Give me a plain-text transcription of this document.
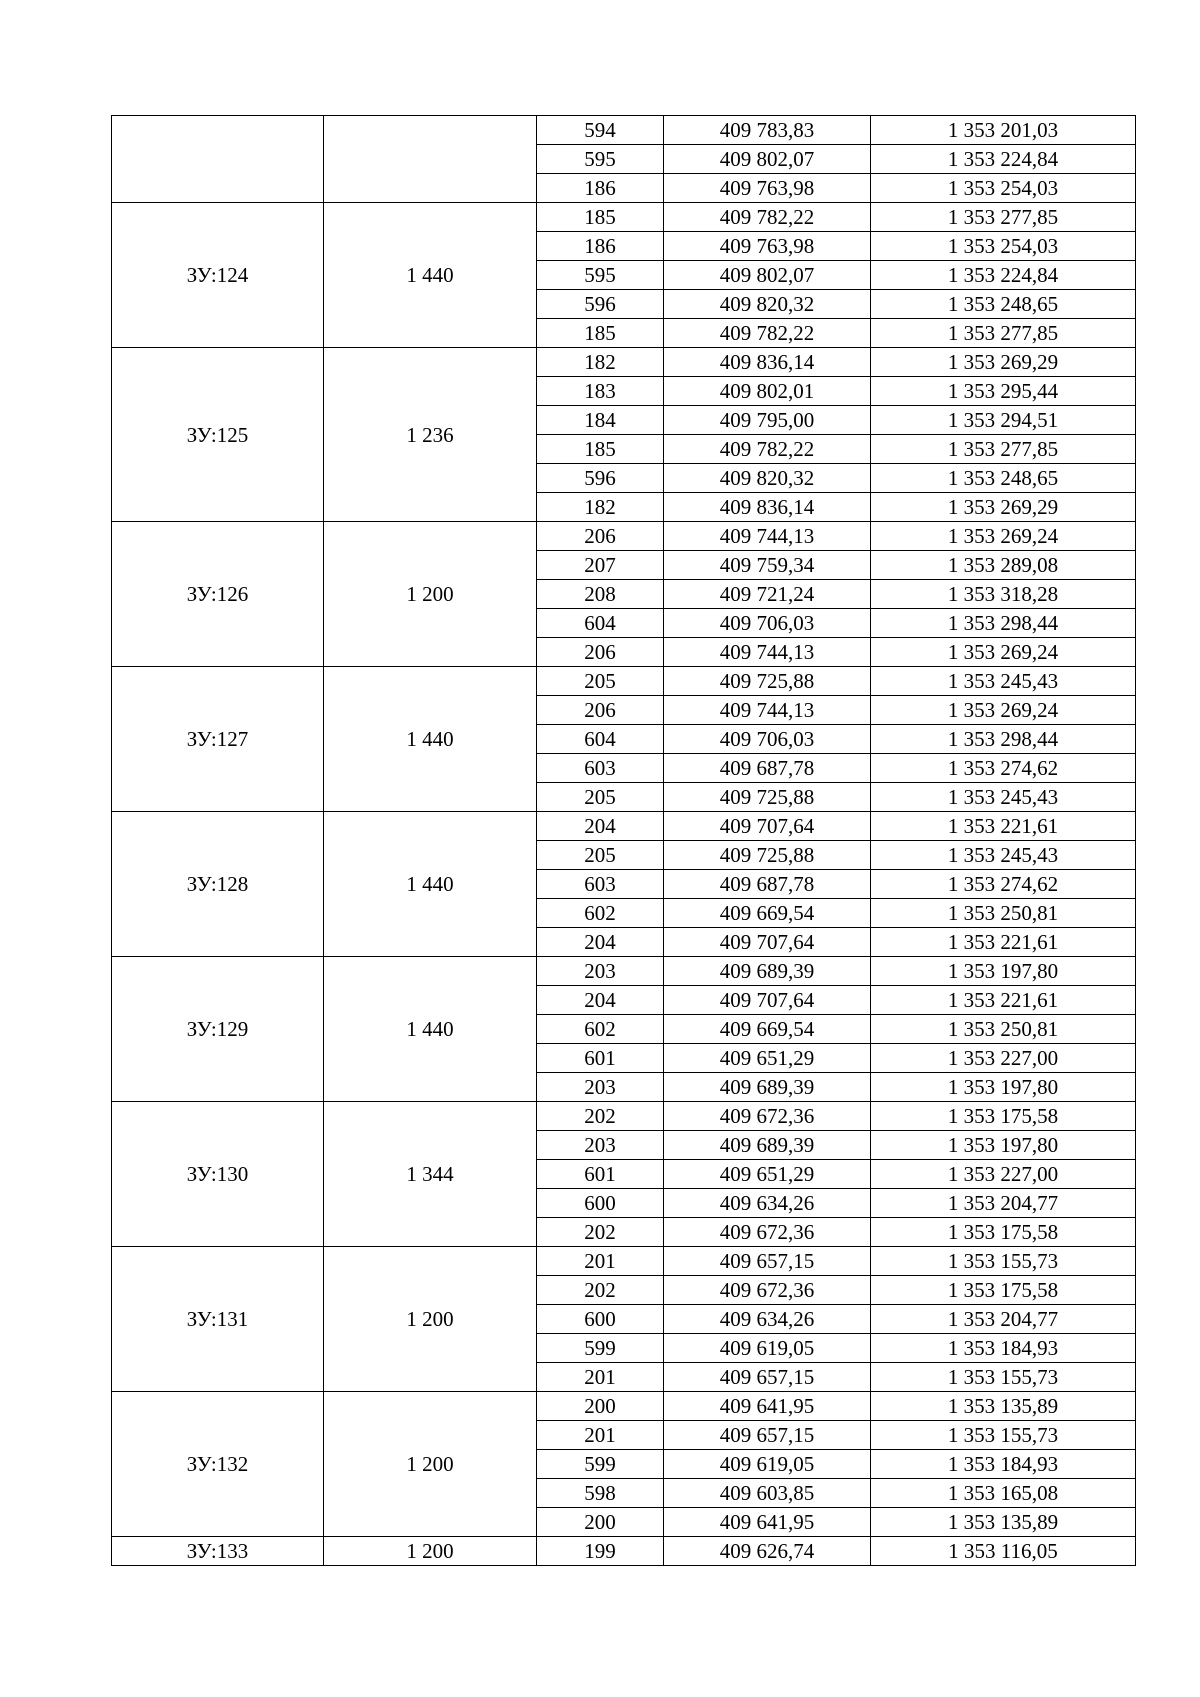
		594	409 783,83	1 353 201,03
		595	409 802,07	1 353 224,84
		186	409 763,98	1 353 254,03
ЗУ:124	1 440	185	409 782,22	1 353 277,85
		186	409 763,98	1 353 254,03
		595	409 802,07	1 353 224,84
		596	409 820,32	1 353 248,65
		185	409 782,22	1 353 277,85
ЗУ:125	1 236	182	409 836,14	1 353 269,29
		183	409 802,01	1 353 295,44
		184	409 795,00	1 353 294,51
		185	409 782,22	1 353 277,85
		596	409 820,32	1 353 248,65
		182	409 836,14	1 353 269,29
ЗУ:126	1 200	206	409 744,13	1 353 269,24
		207	409 759,34	1 353 289,08
		208	409 721,24	1 353 318,28
		604	409 706,03	1 353 298,44
		206	409 744,13	1 353 269,24
ЗУ:127	1 440	205	409 725,88	1 353 245,43
		206	409 744,13	1 353 269,24
		604	409 706,03	1 353 298,44
		603	409 687,78	1 353 274,62
		205	409 725,88	1 353 245,43
ЗУ:128	1 440	204	409 707,64	1 353 221,61
		205	409 725,88	1 353 245,43
		603	409 687,78	1 353 274,62
		602	409 669,54	1 353 250,81
		204	409 707,64	1 353 221,61
ЗУ:129	1 440	203	409 689,39	1 353 197,80
		204	409 707,64	1 353 221,61
		602	409 669,54	1 353 250,81
		601	409 651,29	1 353 227,00
		203	409 689,39	1 353 197,80
ЗУ:130	1 344	202	409 672,36	1 353 175,58
		203	409 689,39	1 353 197,80
		601	409 651,29	1 353 227,00
		600	409 634,26	1 353 204,77
		202	409 672,36	1 353 175,58
ЗУ:131	1 200	201	409 657,15	1 353 155,73
		202	409 672,36	1 353 175,58
		600	409 634,26	1 353 204,77
		599	409 619,05	1 353 184,93
		201	409 657,15	1 353 155,73
ЗУ:132	1 200	200	409 641,95	1 353 135,89
		201	409 657,15	1 353 155,73
		599	409 619,05	1 353 184,93
		598	409 603,85	1 353 165,08
		200	409 641,95	1 353 135,89
ЗУ:133	1 200	199	409 626,74	1 353 116,05
